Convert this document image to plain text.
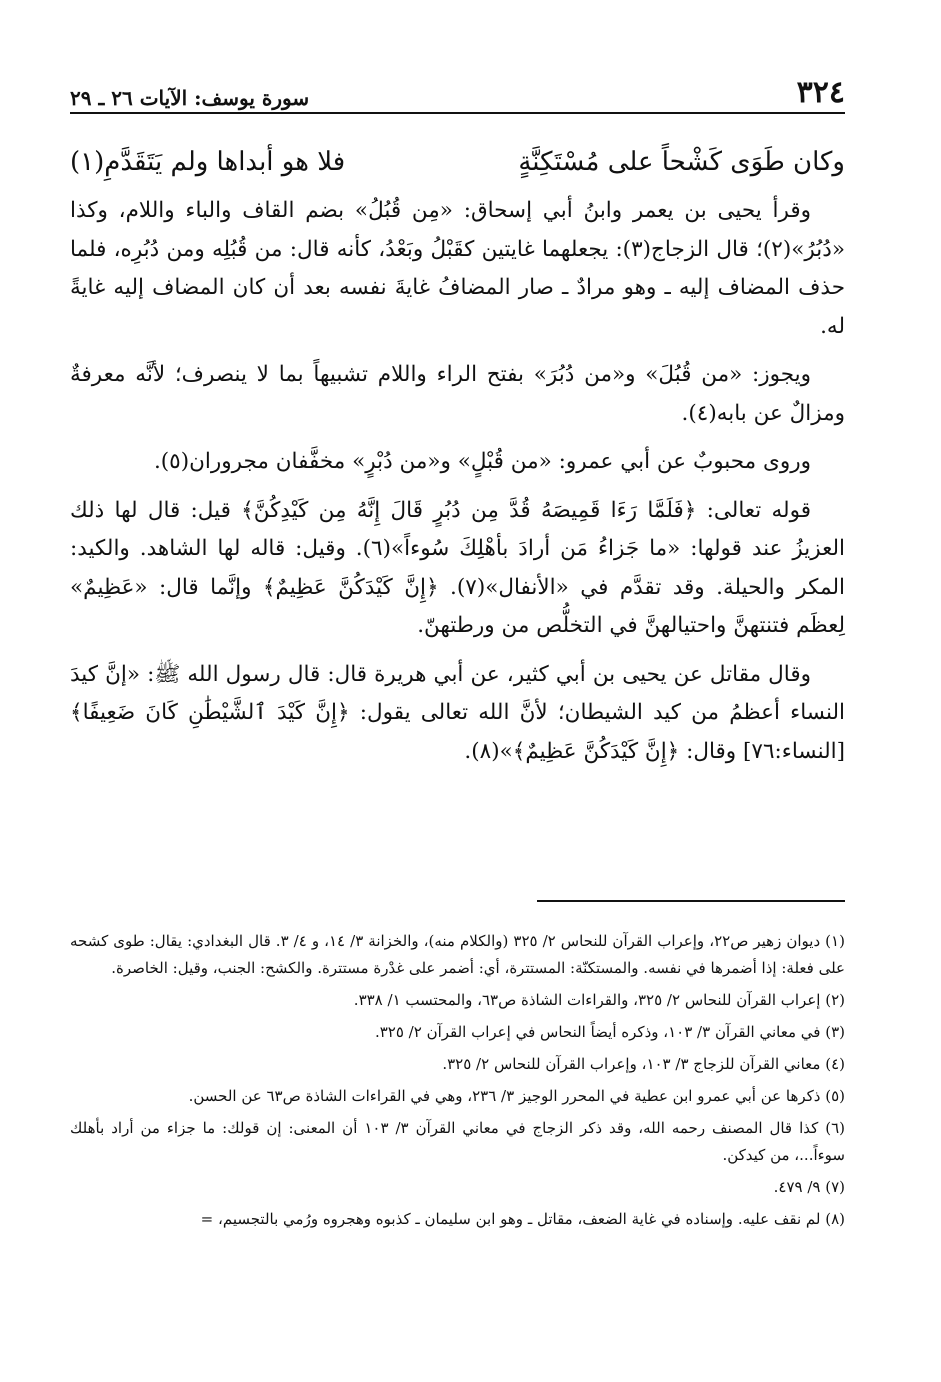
٣٢٤
سورة يوسف: الآيات ٢٦ ـ ٢٩
وكان طَوَى كَشْحاً على مُسْتَكِنَّةٍ
فلا هو أبداها ولم يَتَقَدَّمِ(١)

وقرأ يحيى بن يعمر وابنُ أبي إسحاق: «مِن قُبُلُ» بضم القاف والباء واللام، وكذا «دُبُرُ»(٢)؛ قال الزجاج(٣): يجعلهما غايتين كقَبْلُ وبَعْدُ، كأنه قال: من قُبُلِه ومن دُبُرِه، فلما حذف المضاف إليه ـ وهو مرادٌ ـ صار المضافُ غايةَ نفسه بعد أن كان المضاف إليه غايةً له.

ويجوز: «من قُبُلَ» و«من دُبُرَ» بفتح الراء واللام تشبيهاً بما لا ينصرف؛ لأنَّه معرفةٌ ومزالٌ عن بابه(٤).

وروى محبوبٌ عن أبي عمرو: «من قُبْلٍ» و«من دُبْرٍ» مخفَّفان مجروران(٥).

قوله تعالى: ﴿فَلَمَّا رَءَا قَمِيصَهُ قُدَّ مِن دُبُرٍ قَالَ إِنَّهُ مِن كَيْدِكُنَّ﴾ قيل: قال لها ذلك العزيزُ عند قولها: «ما جَزاءُ مَن أرادَ بأهْلِكَ سُوءاً»(٦). وقيل: قاله لها الشاهد. والكيد: المكر والحيلة. وقد تقدَّم في «الأنفال»(٧). ﴿إِنَّ كَيْدَكُنَّ عَظِيمٌ﴾ وإنَّما قال: «عَظِيمٌ» لِعظَم فتنتهنَّ واحتيالهنَّ في التخلُّص من ورطتهنّ.

وقال مقاتل عن يحيى بن أبي كثير، عن أبي هريرة قال: قال رسول الله ﷺ: «إنَّ كيدَ النساء أعظمُ من كيد الشيطان؛ لأنَّ الله تعالى يقول: ﴿إِنَّ كَيْدَ ٱلشَّيْطَٰنِ كَانَ ضَعِيفًا﴾ [النساء:٧٦] وقال: ﴿إِنَّ كَيْدَكُنَّ عَظِيمٌ﴾»(٨).

(١) ديوان زهير ص٢٢، وإعراب القرآن للنحاس ٢/ ٣٢٥ (والكلام منه)، والخزانة ٣/ ١٤، و ٤/ ٣. قال البغدادي: يقال: طوى كشحه على فعلة: إذا أضمرها في نفسه. والمستكنّة: المستترة، أي: أضمر على غدْرة مستترة. والكشح: الجنب، وقيل: الخاصرة.

(٢) إعراب القرآن للنحاس ٢/ ٣٢٥، والقراءات الشاذة ص٦٣، والمحتسب ١/ ٣٣٨.

(٣) في معاني القرآن ٣/ ١٠٣، وذكره أيضاً النحاس في إعراب القرآن ٢/ ٣٢٥.

(٤) معاني القرآن للزجاج ٣/ ١٠٣، وإعراب القرآن للنحاس ٢/ ٣٢٥.

(٥) ذكرها عن أبي عمرو ابن عطية في المحرر الوجيز ٣/ ٢٣٦، وهي في القراءات الشاذة ص٦٣ عن الحسن.

(٦) كذا قال المصنف رحمه الله، وقد ذكر الزجاج في معاني القرآن ٣/ ١٠٣ أن المعنى: إن قولك: ما جزاء من أراد بأهلك سوءاً...، من كيدكن.

(٧) ٩/ ٤٧٩.

(٨) لم نقف عليه. وإسناده في غاية الضعف، مقاتل ـ وهو ابن سليمان ـ كذبوه وهجروه ورُمي بالتجسيم، =
